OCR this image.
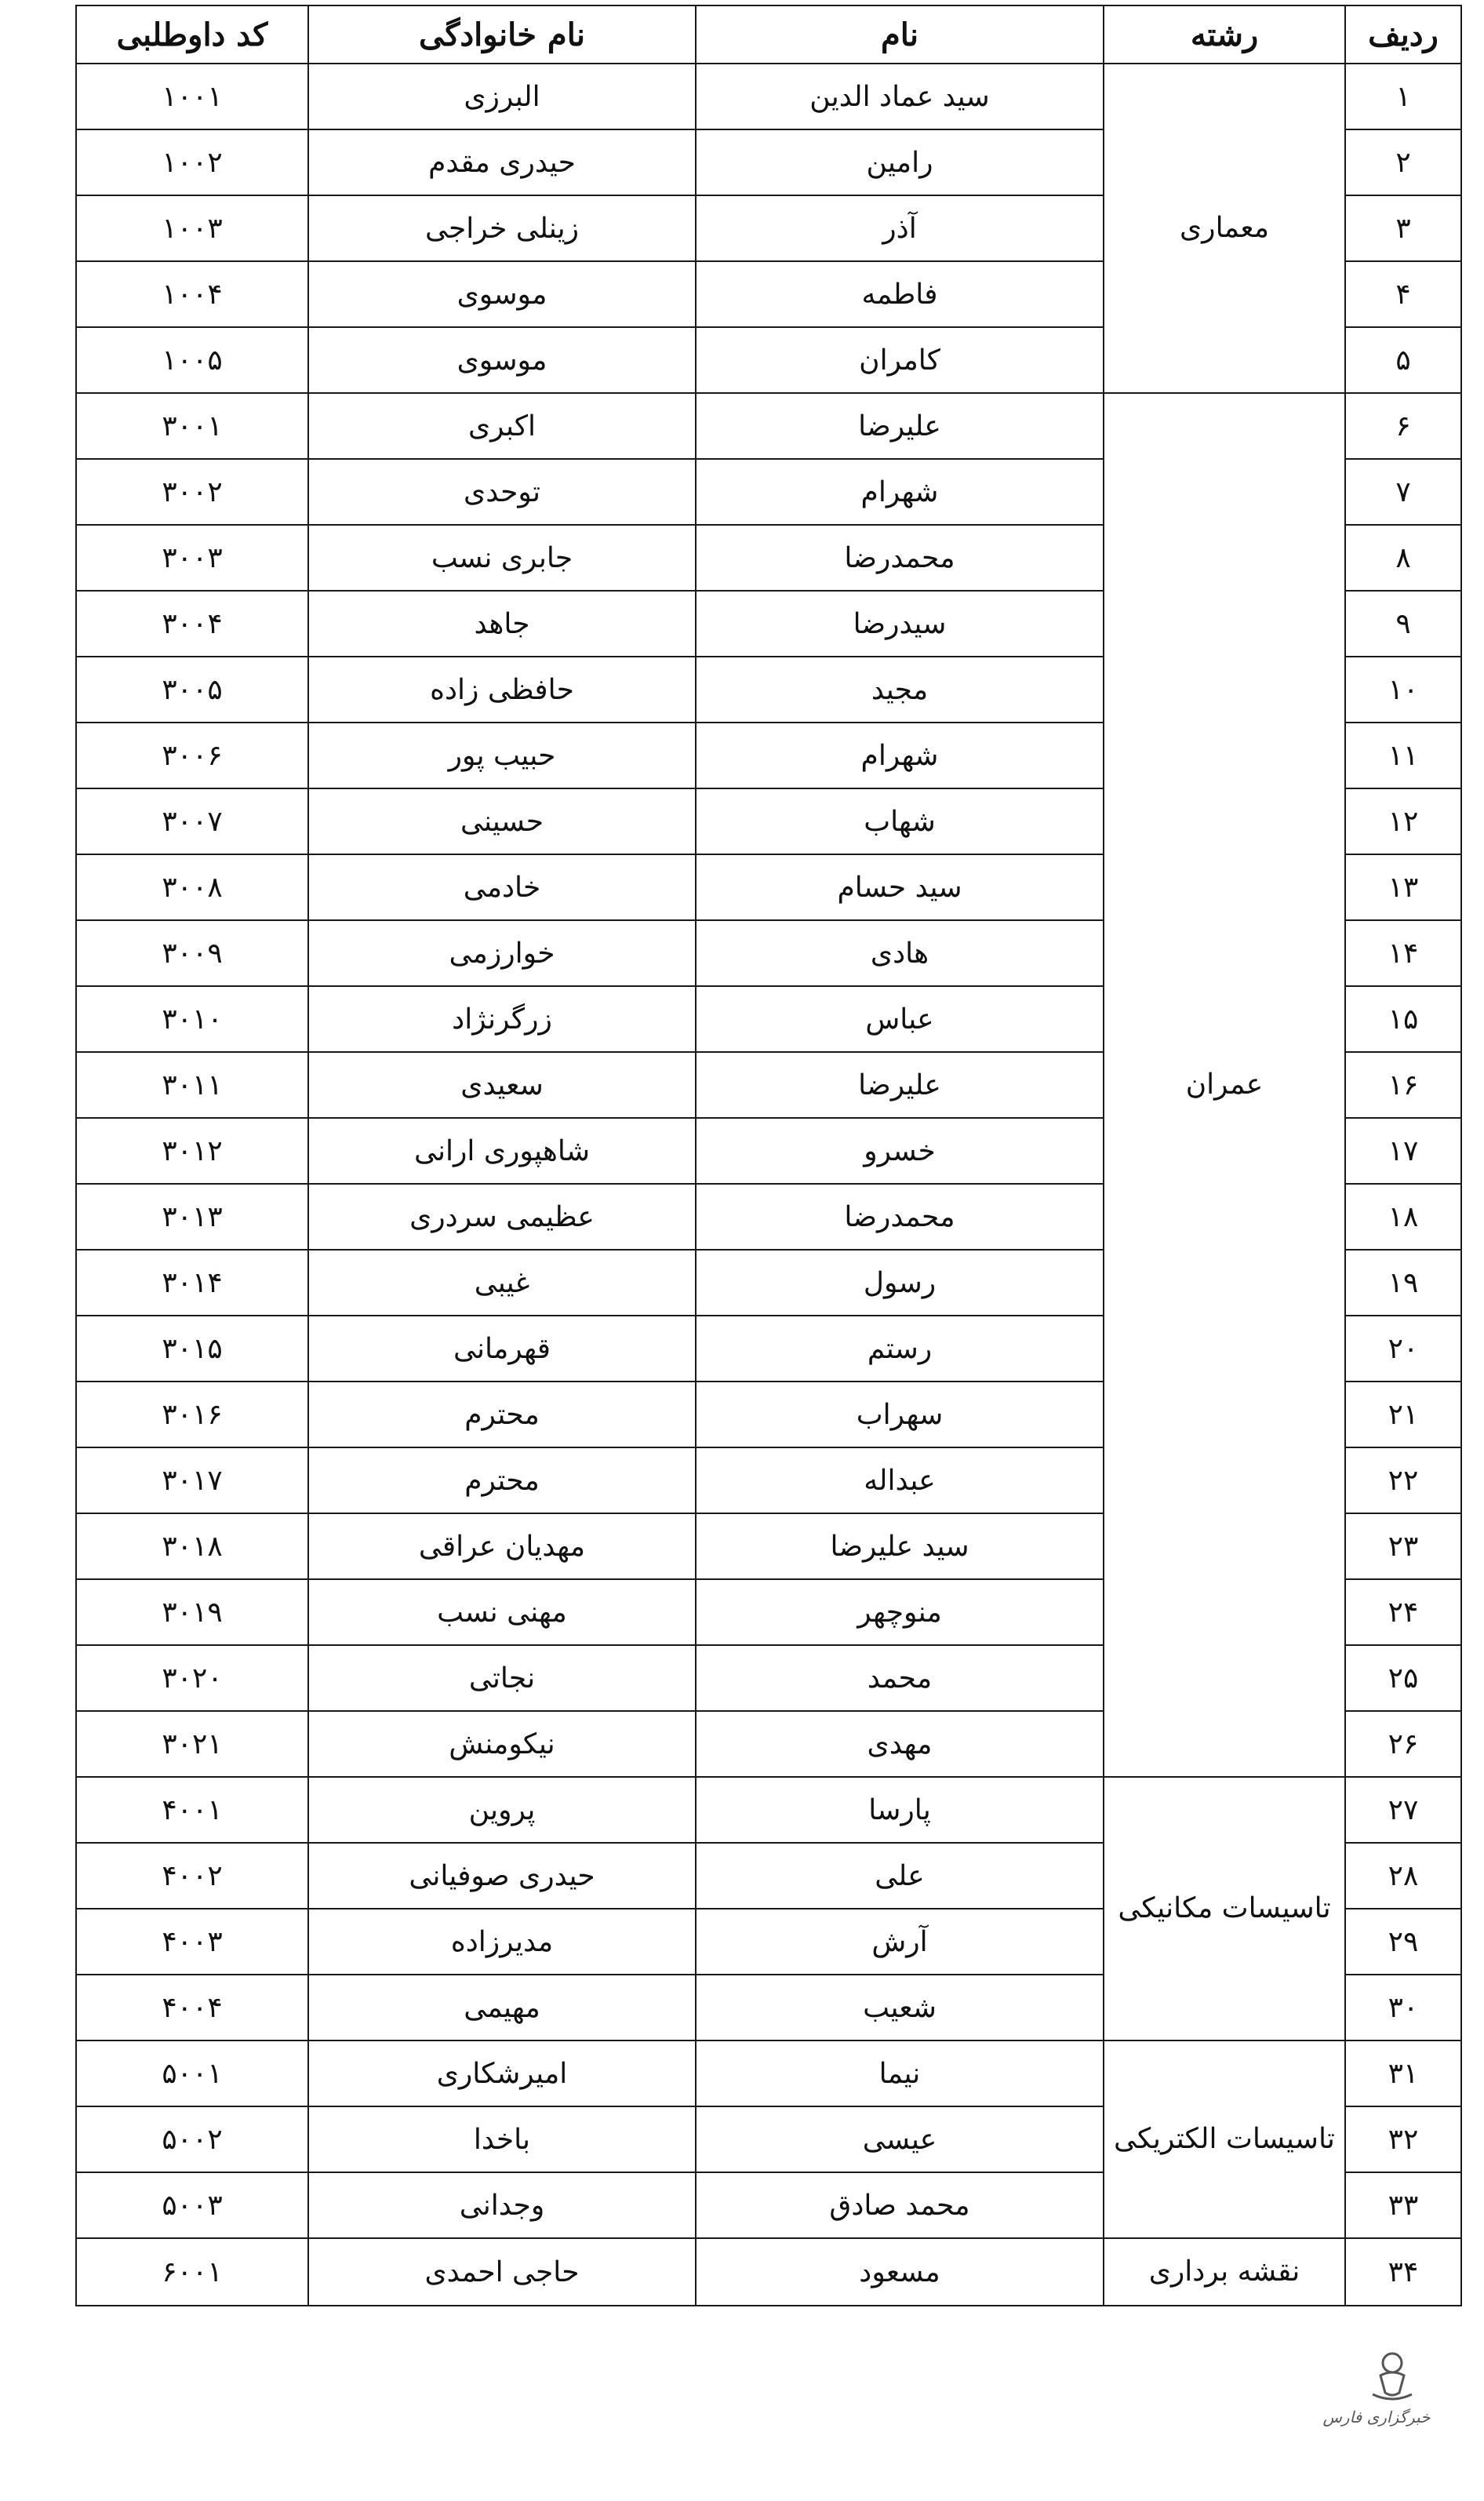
ردیف	رشته	نام	نام خانوادگی	کد داوطلبی
۱	معماری	سید عماد الدین	البرزی	۱۰۰۱
۲		رامین	حیدری مقدم	۱۰۰۲
۳		آذر	زینلی خراجی	۱۰۰۳
۴		فاطمه	موسوی	۱۰۰۴
۵		کامران	موسوی	۱۰۰۵
۶	عمران	علیرضا	اکبری	۳۰۰۱
۷		شهرام	توحدی	۳۰۰۲
۸		محمدرضا	جابری نسب	۳۰۰۳
۹		سیدرضا	جاهد	۳۰۰۴
۱۰		مجید	حافظی زاده	۳۰۰۵
۱۱		شهرام	حبیب پور	۳۰۰۶
۱۲		شهاب	حسینی	۳۰۰۷
۱۳		سید حسام	خادمی	۳۰۰۸
۱۴		هادی	خوارزمی	۳۰۰۹
۱۵		عباس	زرگرنژاد	۳۰۱۰
۱۶		علیرضا	سعیدی	۳۰۱۱
۱۷		خسرو	شاهپوری ارانی	۳۰۱۲
۱۸		محمدرضا	عظیمی سردری	۳۰۱۳
۱۹		رسول	غیبی	۳۰۱۴
۲۰		رستم	قهرمانی	۳۰۱۵
۲۱		سهراب	محترم	۳۰۱۶
۲۲		عبداله	محترم	۳۰۱۷
۲۳		سید علیرضا	مهدیان عراقی	۳۰۱۸
۲۴		منوچهر	مهنی نسب	۳۰۱۹
۲۵		محمد	نجاتی	۳۰۲۰
۲۶		مهدی	نیکومنش	۳۰۲۱
۲۷	تاسیسات مکانیکی	پارسا	پروین	۴۰۰۱
۲۸		علی	حیدری صوفیانی	۴۰۰۲
۲۹		آرش	مدیرزاده	۴۰۰۳
۳۰		شعیب	مهیمی	۴۰۰۴
۳۱	تاسیسات الکتریکی	نیما	امیرشکاری	۵۰۰۱
۳۲		عیسی	باخدا	۵۰۰۲
۳۳		محمد صادق	وجدانی	۵۰۰۳
۳۴	نقشه برداری	مسعود	حاجی احمدی	۶۰۰۱
خبرگزاری فارس
